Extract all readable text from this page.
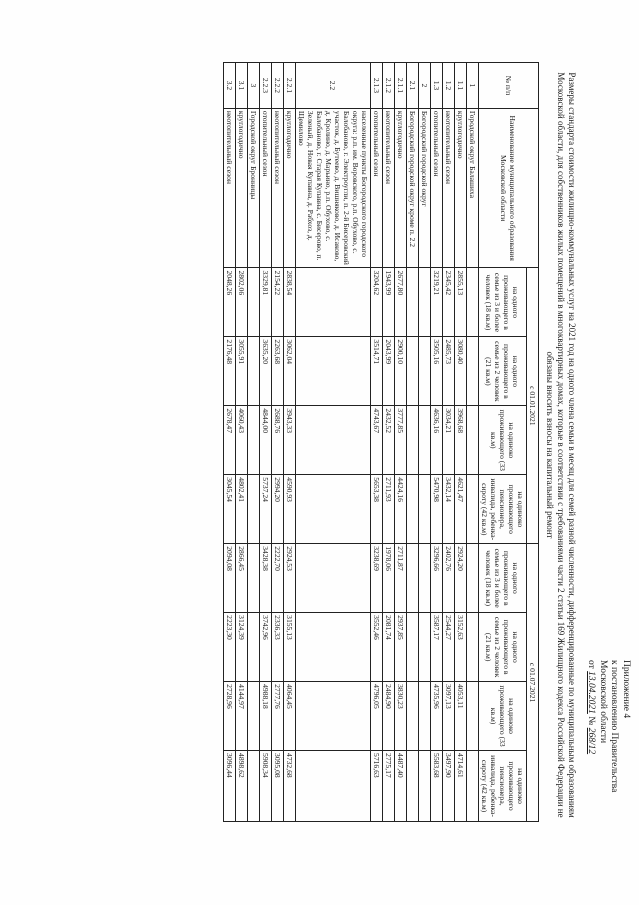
Приложение 4
к постановлению Правительства
Московской области
от 13.04.2021 № 268/12
Размеры стандарта стоимости жилищно-коммунальных услуг на 2021 год на одного члена семьи в месяц для семей разной численности, дифференцированные по муниципальным образованиям Московской области, для собственников жилых помещений в многоквартирных домах, которые в соответствии с требованиями части 2 статьи 169 Жилищного кодекса Российской Федерации не обязаны вносить взносы на капитальный ремонт
№ п/п	Наименование муниципального образования Московской области	с 01.01.2021				с 01.07.2021			
		на одного проживающего в семье из 3 и более человек (18 кв.м)	на одного проживающего в семье из 2 человек (21 кв.м)	на одиноко проживающего (33 кв.м)	на одиноко проживающего пенсионера, инвалида, ребенка-сироту (42 кв.м)	на одного проживающего в семье из 3 и более человек (18 кв.м)	на одного проживающего в семье из 2 человек (21 кв.м)	на одиноко проживающего (33 кв.м)	на одиноко проживающего пенсионера, инвалида, ребенка-сироту (42 кв.м)
1	Городской округ Балашиха								
1.1	круглогодично	2855,13	3080,40	3968,68	4621,47	2924,20	3152,63	4053,11	4714,61
1.2	неотопительный сезон	2345,42	2485,73	3034,21	3432,14	2402,76	2544,27	3097,13	3497,90
1.3	отопительный сезон	3219,21	3505,16	4636,16	5470,98	3296,66	3587,17	4735,96	5583,68
2	Богородский городской округ								
2.1	Богородский городской округ кроме п. 2.2								
2.1.1	круглогодично	2677,80	2900,10	3777,85	4424,16	2711,87	2937,85	3830,23	4487,40
2.1.2	неотопительный сезон	1943,99	2043,99	2432,52	2711,93	1978,06	2081,74	2484,90	2775,17
2.1.3	отопительный сезон	3204,62	3514,71	4743,67	5653,38	3238,69	3552,46	4796,05	5716,63
2.2	населенные пункты Богородского городского округа: р.п. им. Воровского, р.п. Обухово, с. Балобаново, г. Электроугли, п. 2-й Бисеровский участок, д. Бутеево, д. Вишняково, д. Исаково, д. Кролино, д. Марьино, р.п. Обухово, с. Балобаново, г. Старая Купавна, с. Бисерово, п. Зеленый, д. Новая Купавна, д. Рабхоз, д. Щемилово								
2.2.1	круглогодично	2838,54	3062,04	3943,33	4590,93	2924,53	3155,13	4064,45	4732,68
2.2.2	неотопительный сезон	2154,22	2263,68	2688,76	2994,20	2222,70	2336,33	2777,76	3095,08
2.2.3	отопительный сезон	3329,81	3635,20	4844,00	5737,24	3428,38	3742,96	4988,18	5908,34
3	Городской округ Бронницы								
3.1	круглогодично	2802,06	3055,91	4060,43	4802,41	2866,45	3124,39	4144,97	4898,62
3.2	неотопительный сезон	2048,26	2176,48	2678,47	3045,54	2094,08	2223,30	2728,96	3096,44
